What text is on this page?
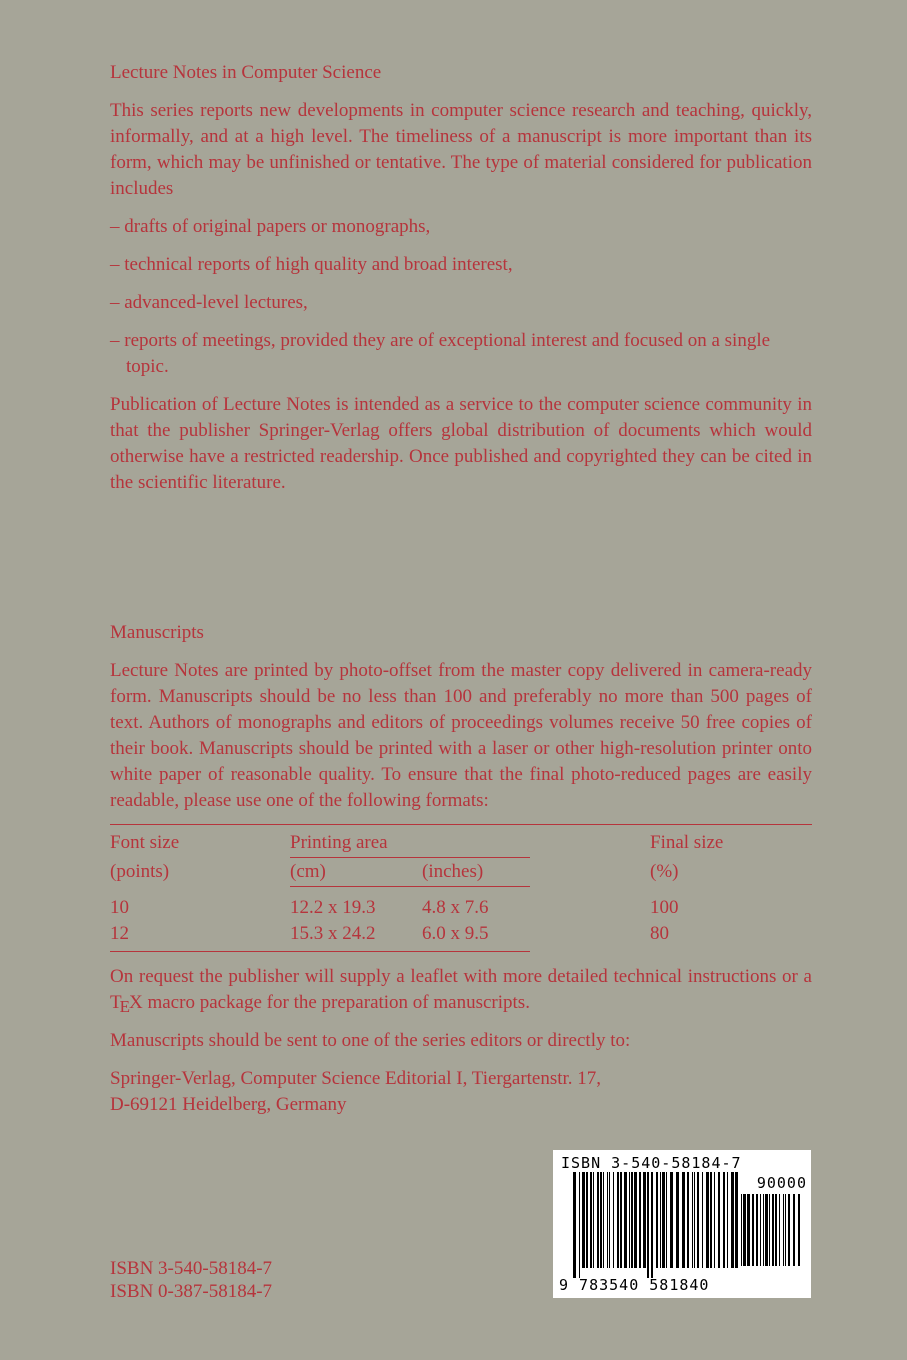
Lecture Notes in Computer Science

This series reports new developments in computer science research and teaching, quickly, informally, and at a high level. The timeliness of a manuscript is more important than its form, which may be unfinished or tentative. The type of material considered for publication includes

– drafts of original papers or monographs,
– technical reports of high quality and broad interest,
– advanced-level lectures,
– reports of meetings, provided they are of exceptional interest and focused on a single topic.

Publication of Lecture Notes is intended as a service to the computer science community in that the publisher Springer-Verlag offers global distribution of documents which would otherwise have a restricted readership. Once published and copyrighted they can be cited in the scientific literature.

Manuscripts

Lecture Notes are printed by photo-offset from the master copy delivered in camera-ready form. Manuscripts should be no less than 100 and preferably no more than 500 pages of text. Authors of monographs and editors of proceedings volumes receive 50 free copies of their book. Manuscripts should be printed with a laser or other high-resolution printer onto white paper of reasonable quality. To ensure that the final photo-reduced pages are easily readable, please use one of the following formats:

Font size	Printing area			Final size
(points)	(cm)	(inches)		(%)
10	12.2 x 19.3	4.8 x 7.6		100
12	15.3 x 24.2	6.0 x 9.5		80

On request the publisher will supply a leaflet with more detailed technical instructions or a TEX macro package for the preparation of manuscripts.

Manuscripts should be sent to one of the series editors or directly to:

Springer-Verlag, Computer Science Editorial I, Tiergartenstr. 17,
D-69121 Heidelberg, Germany
ISBN 3-540-58184-7
90000
9 783540 581840
ISBN 3-540-58184-7
ISBN 0-387-58184-7
